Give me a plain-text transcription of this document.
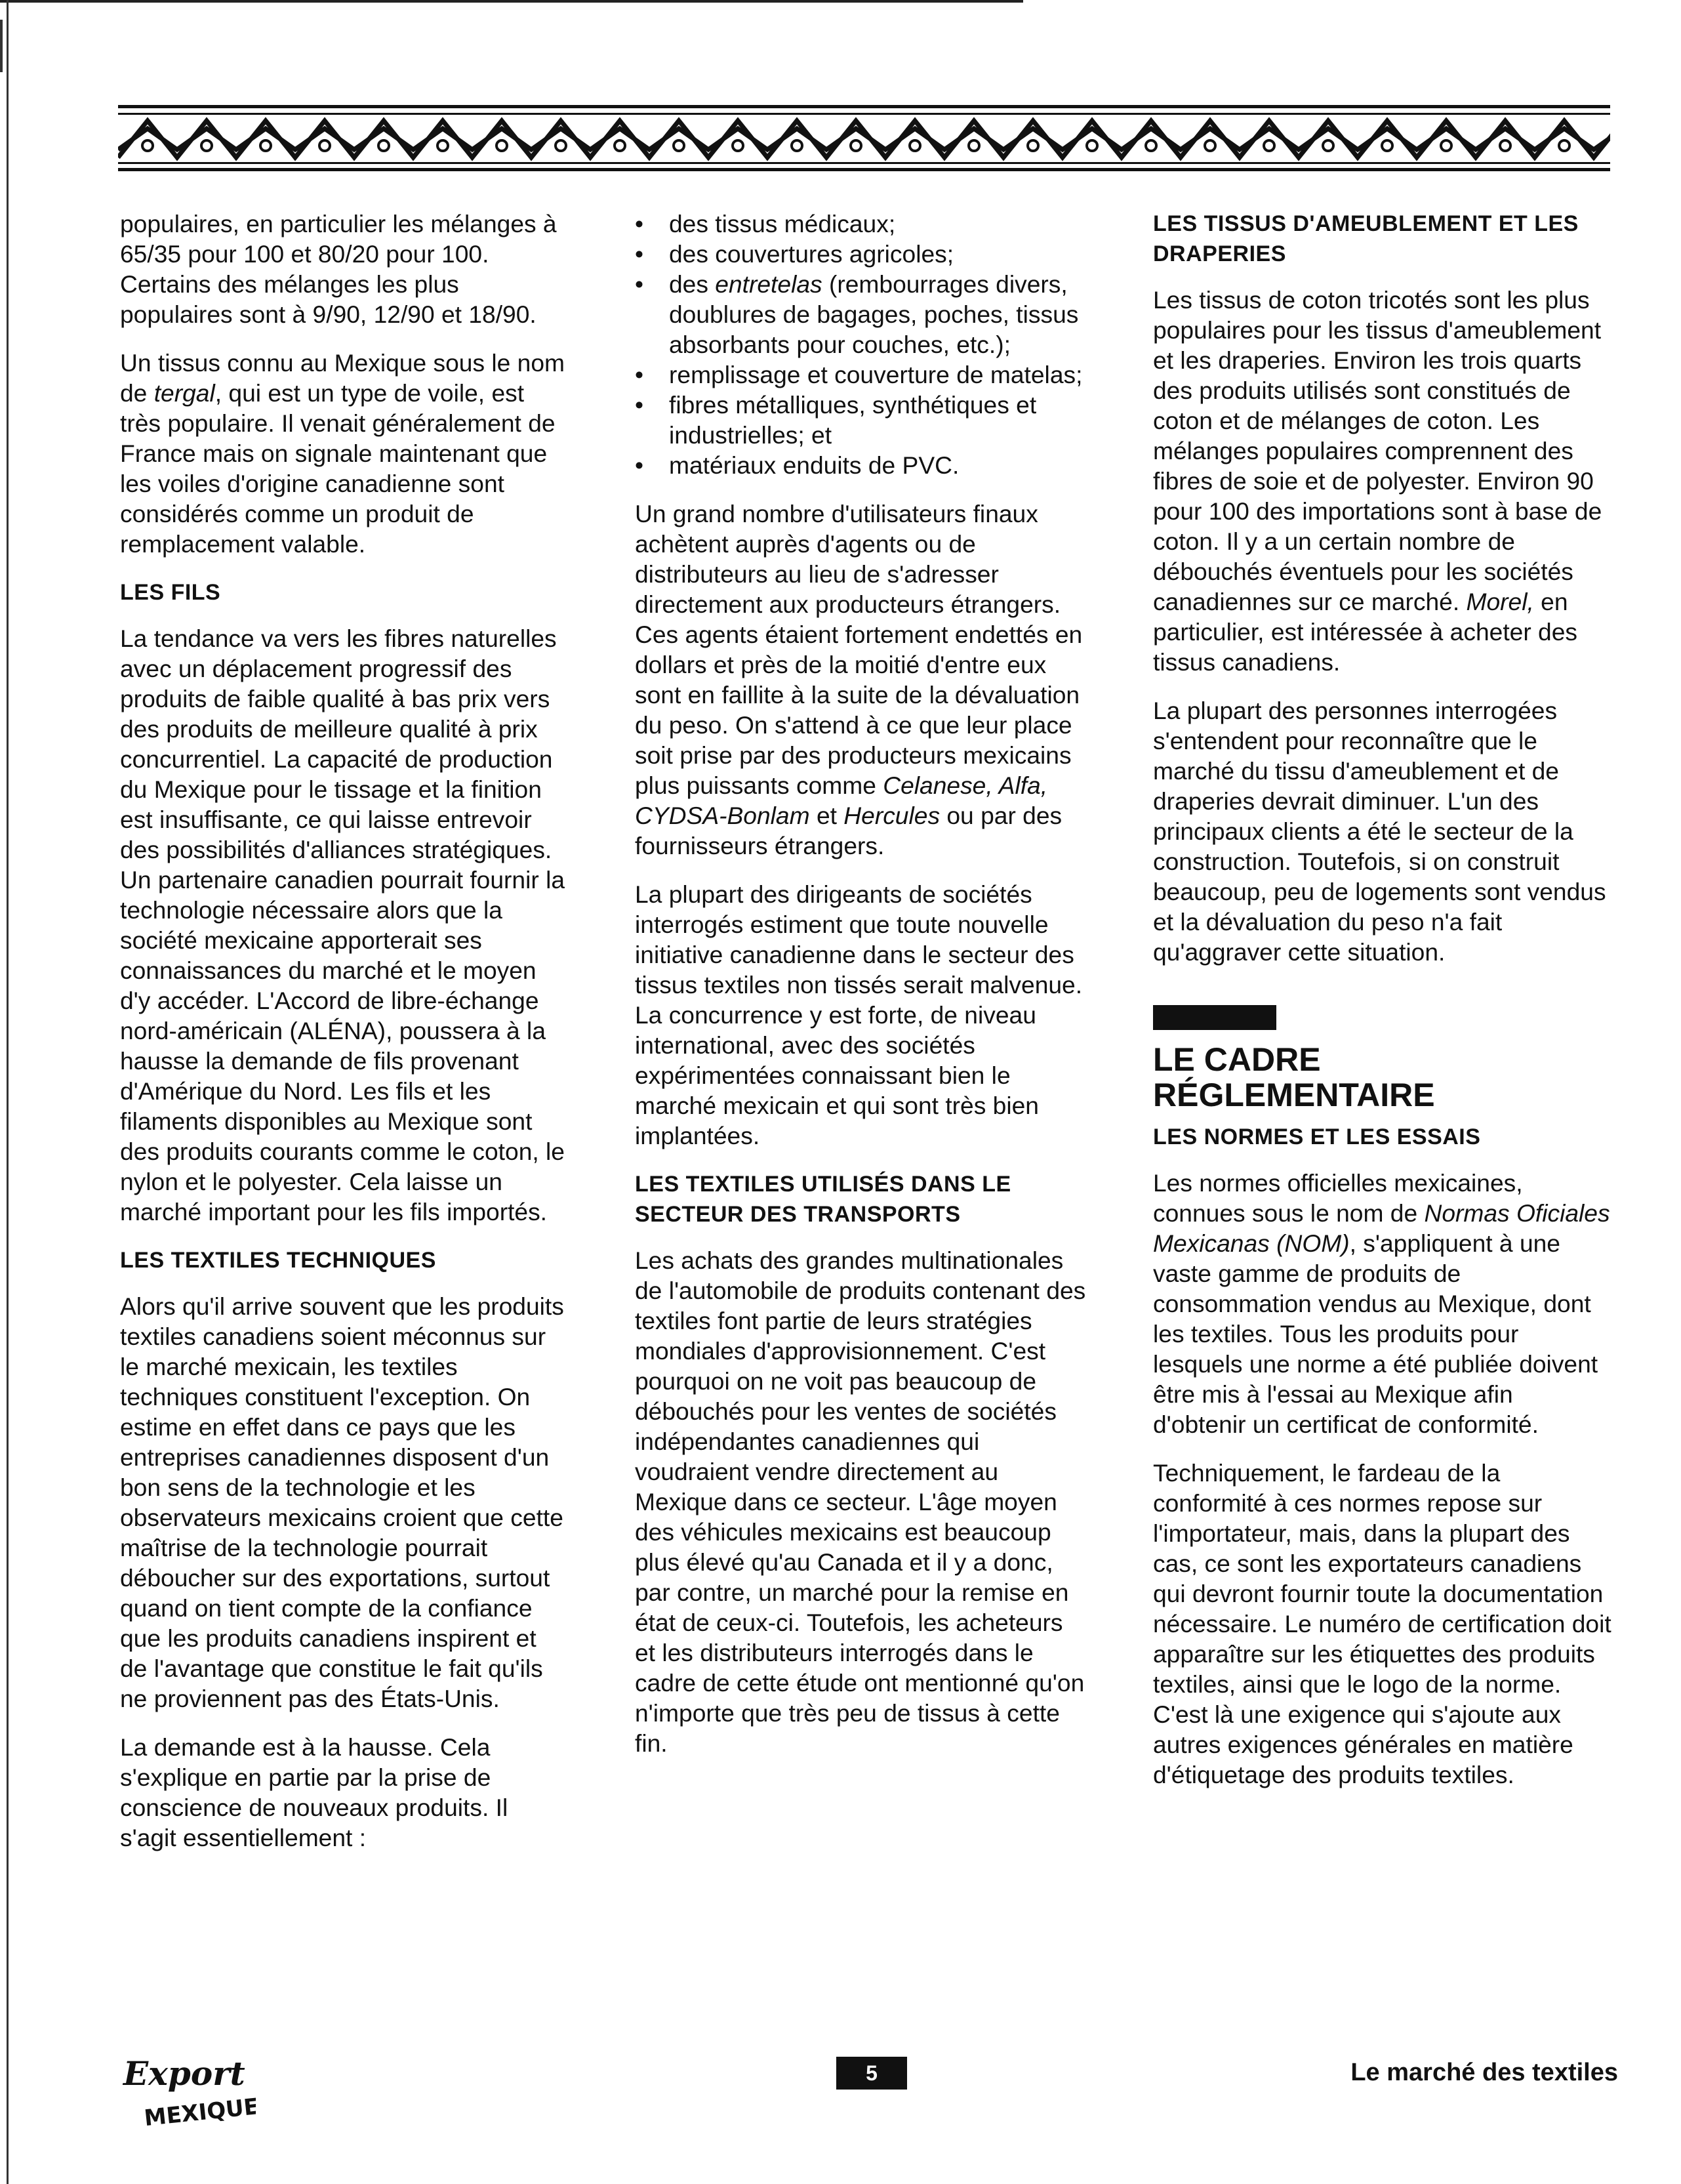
populaires, en particulier les mélanges à 65/35 pour 100 et 80/20 pour 100. Certains des mélanges les plus populaires sont à 9/90, 12/90 et 18/90.

Un tissus connu au Mexique sous le nom de tergal, qui est un type de voile, est très populaire. Il venait généralement de France mais on signale maintenant que les voiles d'origine canadienne sont considérés comme un produit de remplacement valable.

LES FILS

La tendance va vers les fibres naturelles avec un déplacement progressif des produits de faible qualité à bas prix vers des produits de meilleure qualité à prix concurrentiel. La capacité de production du Mexique pour le tissage et la finition est insuffisante, ce qui laisse entrevoir des possibilités d'alliances stratégiques. Un partenaire canadien pourrait fournir la technologie nécessaire alors que la société mexicaine apporterait ses connaissances du marché et le moyen d'y accéder. L'Accord de libre-échange nord-américain (ALÉNA), poussera à la hausse la demande de fils provenant d'Amérique du Nord. Les fils et les filaments disponibles au Mexique sont des produits courants comme le coton, le nylon et le polyester. Cela laisse un marché important pour les fils importés.

LES TEXTILES TECHNIQUES

Alors qu'il arrive souvent que les produits textiles canadiens soient méconnus sur le marché mexicain, les textiles techniques constituent l'exception. On estime en effet dans ce pays que les entreprises canadiennes disposent d'un bon sens de la technologie et les observateurs mexicains croient que cette maîtrise de la technologie pourrait déboucher sur des exportations, surtout quand on tient compte de la confiance que les produits canadiens inspirent et de l'avantage que constitue le fait qu'ils ne proviennent pas des États-Unis.

La demande est à la hausse. Cela s'explique en partie par la prise de conscience de nouveaux produits. Il s'agit essentiellement :

• des tissus médicaux;
• des couvertures agricoles;
• des entretelas (rembourrages divers, doublures de bagages, poches, tissus absorbants pour couches, etc.);
• remplissage et couverture de matelas;
• fibres métalliques, synthétiques et industrielles; et
• matériaux enduits de PVC.

Un grand nombre d'utilisateurs finaux achètent auprès d'agents ou de distributeurs au lieu de s'adresser directement aux producteurs étrangers. Ces agents étaient fortement endettés en dollars et près de la moitié d'entre eux sont en faillite à la suite de la dévaluation du peso. On s'attend à ce que leur place soit prise par des producteurs mexicains plus puissants comme Celanese, Alfa, CYDSA-Bonlam et Hercules ou par des fournisseurs étrangers.

La plupart des dirigeants de sociétés interrogés estiment que toute nouvelle initiative canadienne dans le secteur des tissus textiles non tissés serait malvenue. La concurrence y est forte, de niveau international, avec des sociétés expérimentées connaissant bien le marché mexicain et qui sont très bien implantées.

LES TEXTILES UTILISÉS DANS LE SECTEUR DES TRANSPORTS

Les achats des grandes multinationales de l'automobile de produits contenant des textiles font partie de leurs stratégies mondiales d'approvisionnement. C'est pourquoi on ne voit pas beaucoup de débouchés pour les ventes de sociétés indépendantes canadiennes qui voudraient vendre directement au Mexique dans ce secteur. L'âge moyen des véhicules mexicains est beaucoup plus élevé qu'au Canada et il y a donc, par contre, un marché pour la remise en état de ceux-ci. Toutefois, les acheteurs et les distributeurs interrogés dans le cadre de cette étude ont mentionné qu'on n'importe que très peu de tissus à cette fin.

LES TISSUS D'AMEUBLEMENT ET LES DRAPERIES

Les tissus de coton tricotés sont les plus populaires pour les tissus d'ameublement et les draperies. Environ les trois quarts des produits utilisés sont constitués de coton et de mélanges de coton. Les mélanges populaires comprennent des fibres de soie et de polyester. Environ 90 pour 100 des importations sont à base de coton. Il y a un certain nombre de débouchés éventuels pour les sociétés canadiennes sur ce marché. Morel, en particulier, est intéressée à acheter des tissus canadiens.

La plupart des personnes interrogées s'entendent pour reconnaître que le marché du tissu d'ameublement et de draperies devrait diminuer. L'un des principaux clients a été le secteur de la construction. Toutefois, si on construit beaucoup, peu de logements sont vendus et la dévaluation du peso n'a fait qu'aggraver cette situation.

LE CADRE
RÉGLEMENTAIRE
LES NORMES ET LES ESSAIS

Les normes officielles mexicaines, connues sous le nom de Normas Oficiales Mexicanas (NOM), s'appliquent à une vaste gamme de produits de consommation vendus au Mexique, dont les textiles. Tous les produits pour lesquels une norme a été publiée doivent être mis à l'essai au Mexique afin d'obtenir un certificat de conformité.

Techniquement, le fardeau de la conformité à ces normes repose sur l'importateur, mais, dans la plupart des cas, ce sont les exportateurs canadiens qui devront fournir toute la documentation nécessaire. Le numéro de certification doit apparaître sur les étiquettes des produits textiles, ainsi que le logo de la norme. C'est là une exigence qui s'ajoute aux autres exigences générales en matière d'étiquetage des produits textiles.

Export i
MEXIQUE
5	Le marché des textiles
